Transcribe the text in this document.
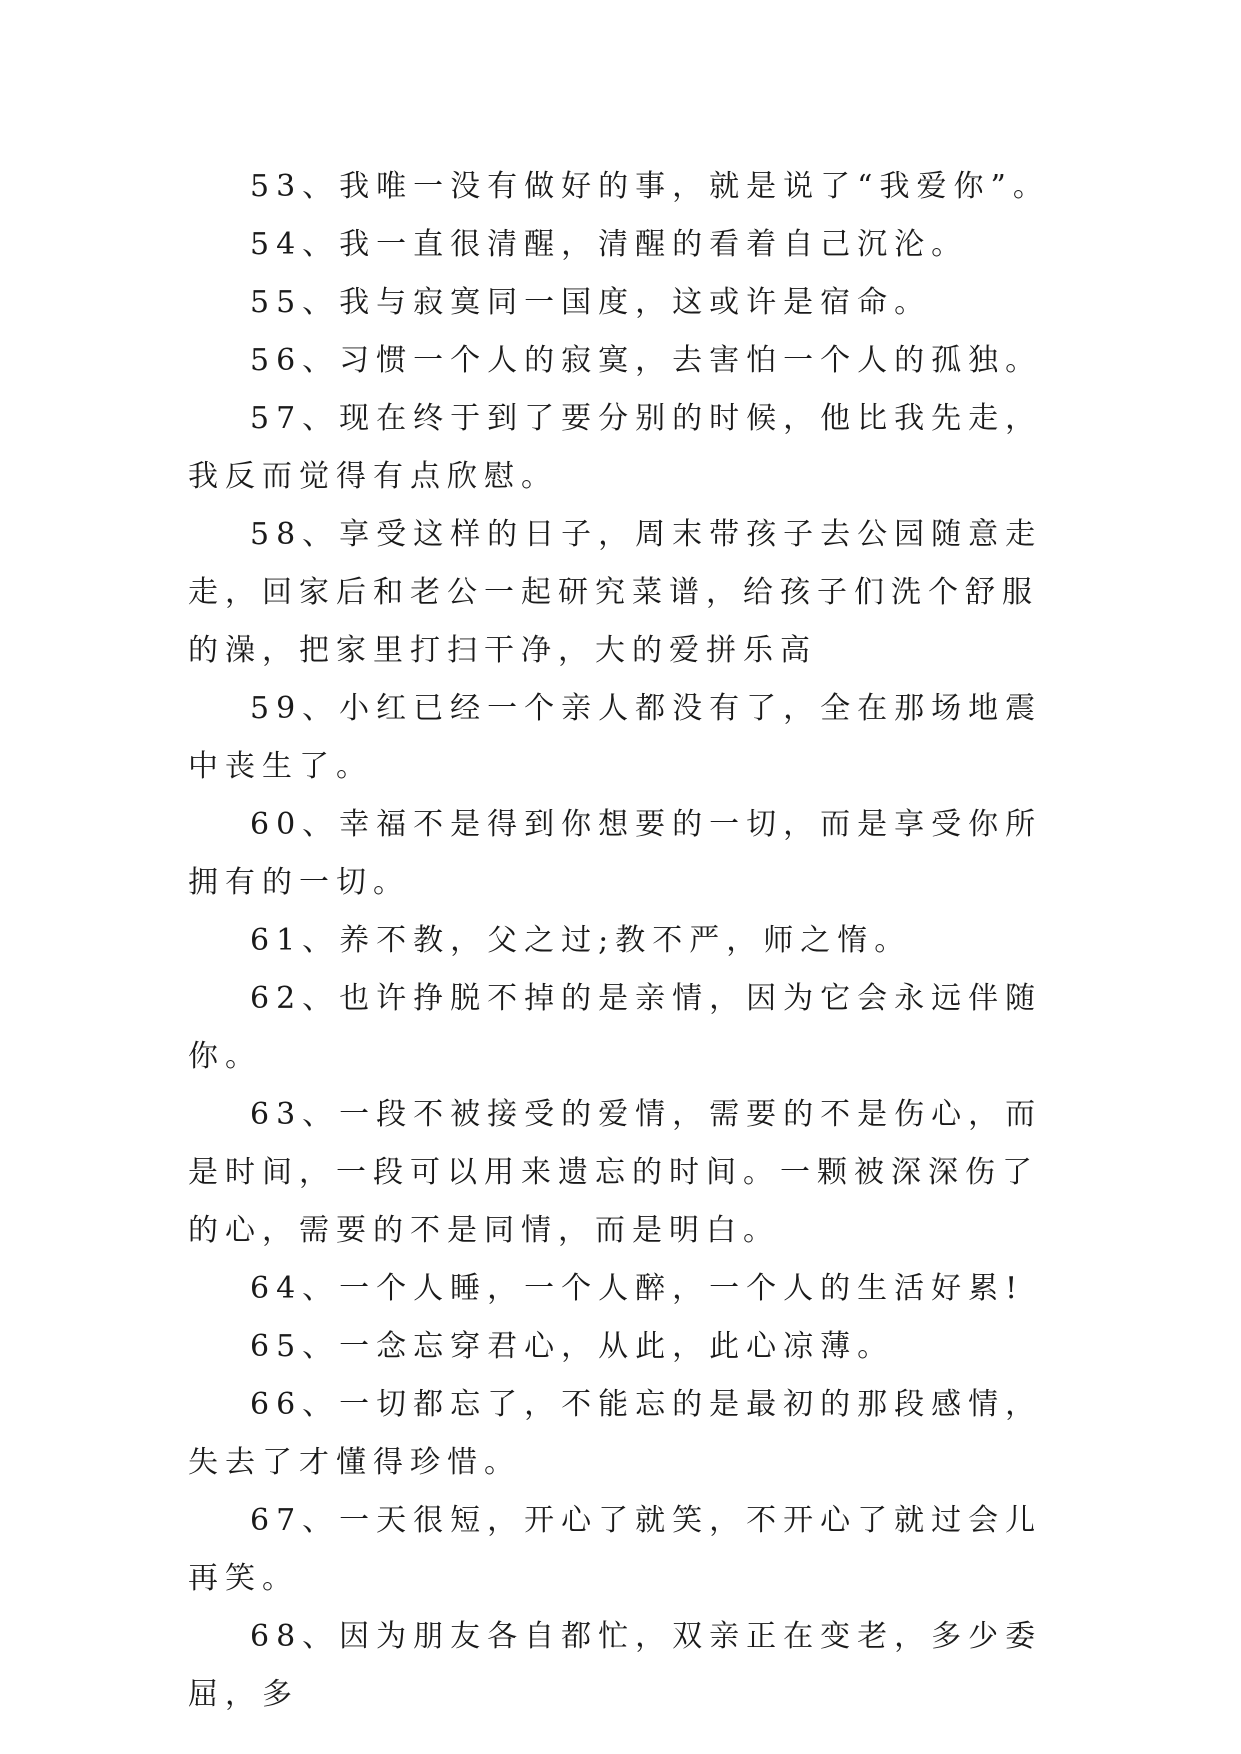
53、我唯一没有做好的事，就是说了“我爱你”。

54、我一直很清醒，清醒的看着自己沉沦。

55、我与寂寞同一国度，这或许是宿命。

56、习惯一个人的寂寞，去害怕一个人的孤独。

57、现在终于到了要分别的时候，他比我先走，我反而觉得有点欣慰。

58、享受这样的日子，周末带孩子去公园随意走走，回家后和老公一起研究菜谱，给孩子们洗个舒服的澡，把家里打扫干净，大的爱拼乐高

59、小红已经一个亲人都没有了，全在那场地震中丧生了。

60、幸福不是得到你想要的一切，而是享受你所拥有的一切。

61、养不教，父之过;教不严，师之惰。

62、也许挣脱不掉的是亲情，因为它会永远伴随你。

63、一段不被接受的爱情，需要的不是伤心，而是时间，一段可以用来遗忘的时间。一颗被深深伤了的心，需要的不是同情，而是明白。

64、一个人睡，一个人醉，一个人的生活好累!

65、一念忘穿君心，从此，此心凉薄。

66、一切都忘了，不能忘的是最初的那段感情，失去了才懂得珍惜。

67、一天很短，开心了就笑，不开心了就过会儿再笑。

68、因为朋友各自都忙，双亲正在变老，多少委屈，多
